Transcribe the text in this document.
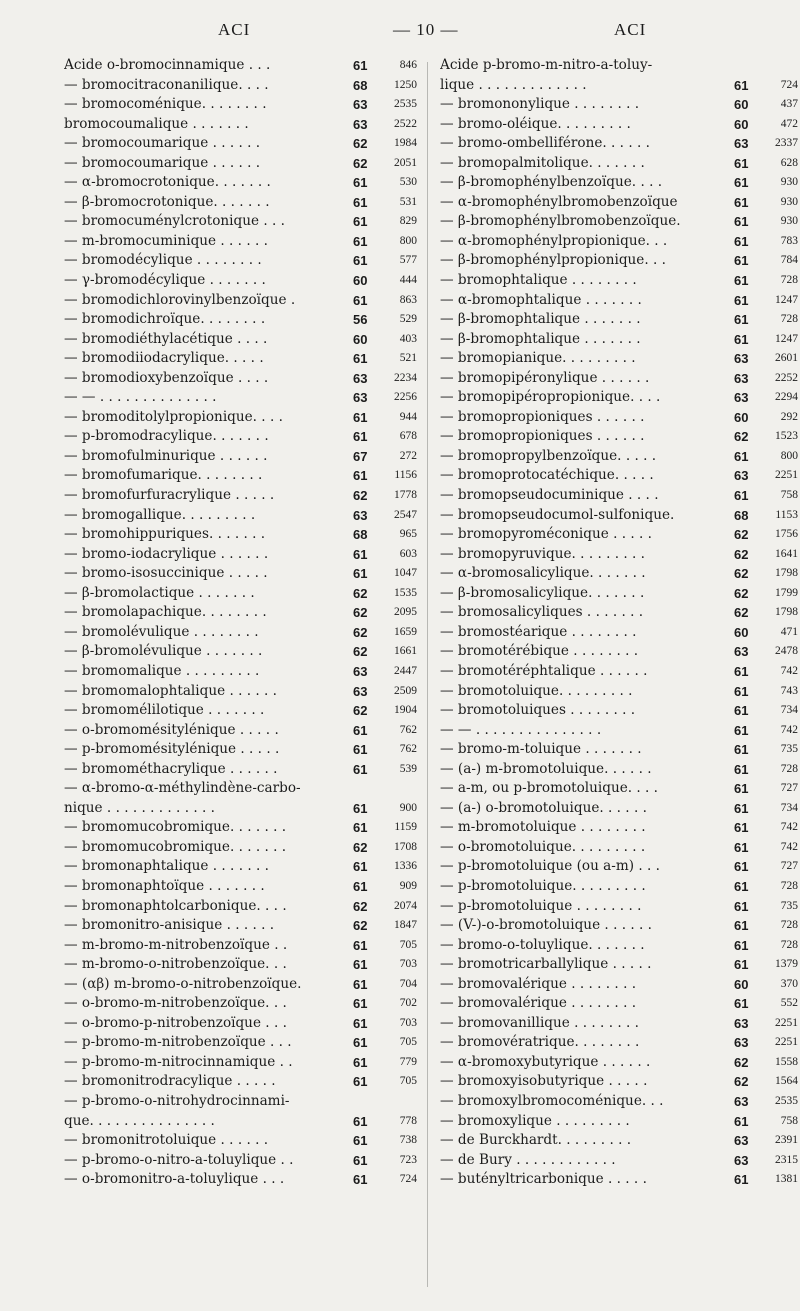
ACI	— 10 —	ACI
Acide o-bromocinnamique . . .	61	846
— bromocitraconanilique. . . .	68	1250
— bromocoménique. . . . . . . .	63	2535
bromocoumalique . . . . . . .	63	2522
— bromocoumarique . . . . . .	62	1984
— bromocoumarique . . . . . .	62	2051
— α-bromocrotonique. . . . . . .	61	530
— β-bromocrotonique. . . . . . .	61	531
— bromocuménylcrotonique . . .	61	829
— m-bromocuminique . . . . . .	61	800
— bromodécylique . . . . . . . .	61	577
— γ-bromodécylique . . . . . . .	60	444
— bromodichlorovinylbenzoïque .	61	863
— bromodichroïque. . . . . . . .	56	529
— bromodiéthylacétique . . . .	60	403
— bromodiiodacrylique. . . . .	61	521
— bromodioxybenzoïque . . . .	63	2234
— — . . . . . . . . . . . . . .	63	2256
— bromoditolylpropionique. . . .	61	944
— p-bromodracylique. . . . . . .	61	678
— bromofulminurique . . . . . .	67	272
— bromofumarique. . . . . . . .	61	1156
— bromofurfuracrylique . . . . .	62	1778
— bromogallique. . . . . . . . .	63	2547
— bromohippuriques. . . . . . .	68	965
— bromo-iodacrylique . . . . . .	61	603
— bromo-isosuccinique . . . . .	61	1047
— β-bromolactique . . . . . . .	62	1535
— bromolapachique. . . . . . . .	62	2095
— bromolévulique . . . . . . . .	62	1659
— β-bromolévulique . . . . . . .	62	1661
— bromomalique . . . . . . . . .	63	2447
— bromomalophtalique . . . . . .	63	2509
— bromomélilotique . . . . . . .	62	1904
— o-bromomésitylénique . . . . .	61	762
— p-bromomésitylénique . . . . .	61	762
— bromométhacrylique . . . . . .	61	539
— α-bromo-α-méthylindène-carbo-
nique . . . . . . . . . . . . .	61	900
— bromomucobromique. . . . . . .	61	1159
— bromomucobromique. . . . . . .	62	1708
— bromonaphtalique . . . . . . .	61	1336
— bromonaphtoïque . . . . . . .	61	909
— bromonaphtolcarbonique. . . .	62	2074
— bromonitro-anisique . . . . . .	62	1847
— m-bromo-m-nitrobenzoïque . .	61	705
— m-bromo-o-nitrobenzoïque. . .	61	703
— (αβ) m-bromo-o-nitrobenzoïque.	61	704
— o-bromo-m-nitrobenzoïque. . .	61	702
— o-bromo-p-nitrobenzoïque . . .	61	703
— p-bromo-m-nitrobenzoïque . . .	61	705
— p-bromo-m-nitrocinnamique . .	61	779
— bromonitrodracylique . . . . .	61	705
— p-bromo-o-nitrohydrocinnami-
que. . . . . . . . . . . . . . .	61	778
— bromonitrotoluique . . . . . .	61	738
— p-bromo-o-nitro-a-toluylique . .	61	723
— o-bromonitro-a-toluylique . . .	61	724
Acide p-bromo-m-nitro-a-toluy-
lique . . . . . . . . . . . . .	61	724
— bromononylique . . . . . . . .	60	437
— bromo-oléique. . . . . . . . .	60	472
— bromo-ombelliférone. . . . . .	63	2337
— bromopalmitolique. . . . . . .	61	628
— β-bromophénylbenzoïque. . . .	61	930
— α-bromophénylbromobenzoïque	61	930
— β-bromophénylbromobenzoïque.	61	930
— α-bromophénylpropionique. . .	61	783
— β-bromophénylpropionique. . .	61	784
— bromophtalique . . . . . . . .	61	728
— α-bromophtalique . . . . . . .	61	1247
— β-bromophtalique . . . . . . .	61	728
— β-bromophtalique . . . . . . .	61	1247
— bromopianique. . . . . . . . .	63	2601
— bromopipéronylique . . . . . .	63	2252
— bromopipéropropionique. . . .	63	2294
— bromopropioniques . . . . . .	60	292
— bromopropioniques . . . . . .	62	1523
— bromopropylbenzoïque. . . . .	61	800
— bromoprotocatéchique. . . . .	63	2251
— bromopseudocuminique . . . .	61	758
— bromopseudocumol-sulfonique.	68	1153
— bromopyroméconique . . . . .	62	1756
— bromopyruvique. . . . . . . . .	62	1641
— α-bromosalicylique. . . . . . .	62	1798
— β-bromosalicylique. . . . . . .	62	1799
— bromosalicyliques . . . . . . .	62	1798
— bromostéarique . . . . . . . .	60	471
— bromotérébique . . . . . . . .	63	2478
— bromotéréphtalique . . . . . .	61	742
— bromotoluique. . . . . . . . .	61	743
— bromotoluiques . . . . . . . .	61	734
— — . . . . . . . . . . . . . . .	61	742
— bromo-m-toluique . . . . . . .	61	735
— (a-) m-bromotoluique. . . . . .	61	728
— a-m, ou p-bromotoluique. . . .	61	727
— (a-) o-bromotoluique. . . . . .	61	734
— m-bromotoluique . . . . . . . .	61	742
— o-bromotoluique. . . . . . . . .	61	742
— p-bromotoluique (ou a-m) . . .	61	727
— p-bromotoluique. . . . . . . . .	61	728
— p-bromotoluique . . . . . . . .	61	735
— (V-)-o-bromotoluique . . . . . .	61	728
— bromo-o-toluylique. . . . . . .	61	728
— bromotricarballylique . . . . .	61	1379
— bromovalérique . . . . . . . .	60	370
— bromovalérique . . . . . . . .	61	552
— bromovanillique . . . . . . . .	63	2251
— bromovératrique. . . . . . . .	63	2251
— α-bromoxybutyrique . . . . . .	62	1558
— bromoxyisobutyrique . . . . .	62	1564
— bromoxylbromocoménique. . .	63	2535
— bromoxylique . . . . . . . . .	61	758
— de Burckhardt. . . . . . . . .	63	2391
— de Bury . . . . . . . . . . . .	63	2315
— butényltricarbonique . . . . .	61	1381
